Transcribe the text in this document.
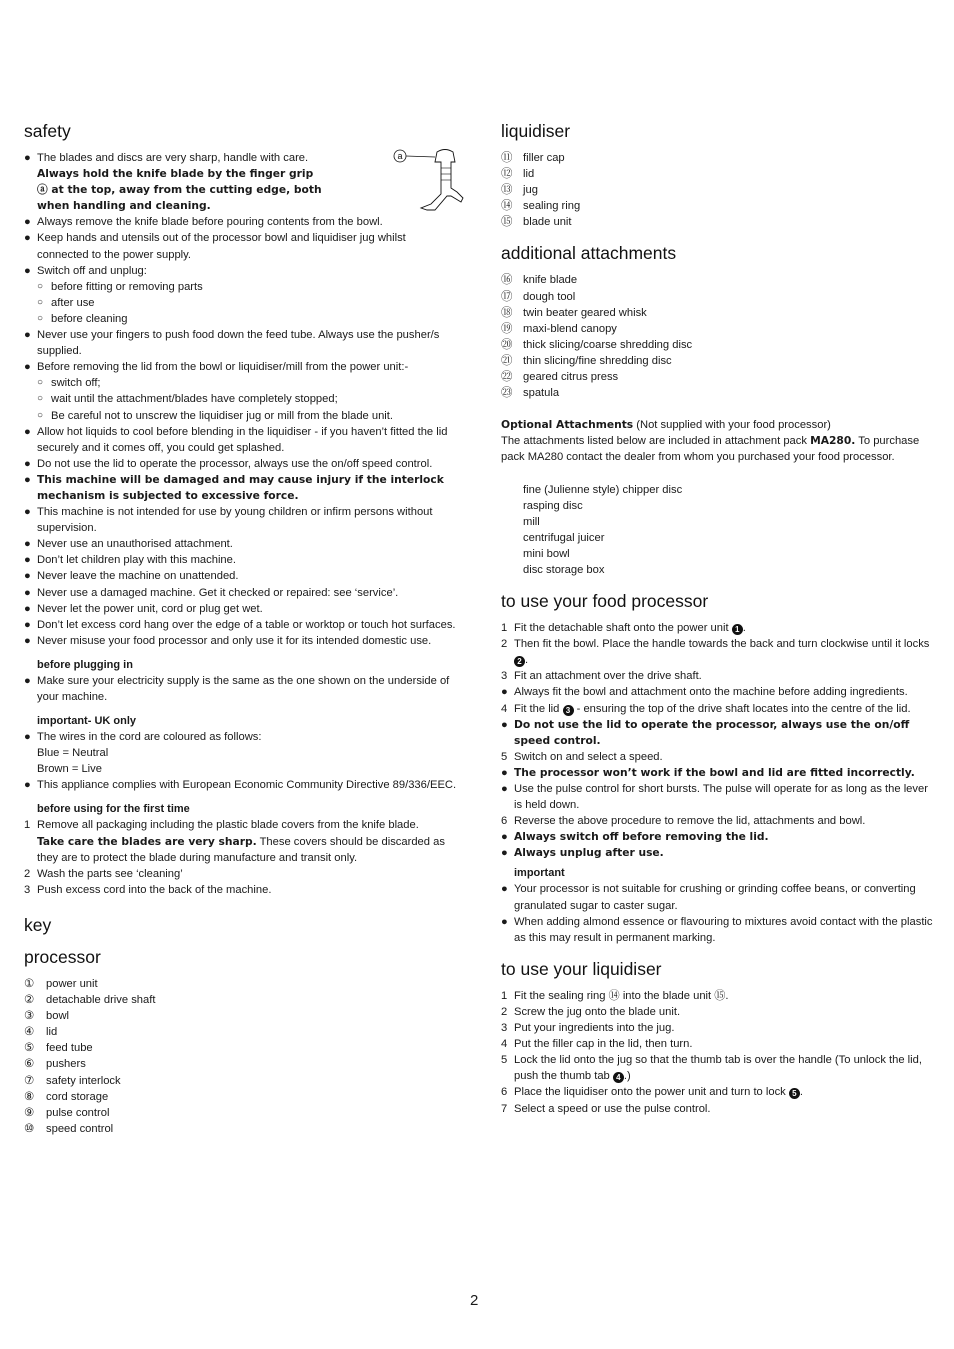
safety
● The blades and discs are very sharp, handle with care.
Always hold the knife blade by the finger grip
ⓐ at the top, away from the cutting edge, both
when handling and cleaning.
● Always remove the knife blade before pouring contents from the bowl.
● Keep hands and utensils out of the processor bowl and liquidiser jug whilst connected to the power supply.
● Switch off and unplug:
○ before fitting or removing parts
○ after use
○ before cleaning
● Never use your fingers to push food down the feed tube. Always use the pusher/s supplied.
● Before removing the lid from the bowl or liquidiser/mill from the power unit:-
○ switch off;
○ wait until the attachment/blades have completely stopped;
○ Be careful not to unscrew the liquidiser jug or mill from the blade unit.
● Allow hot liquids to cool before blending in the liquidiser - if you haven’t fitted the lid securely and it comes off, you could get splashed.
● Do not use the lid to operate the processor, always use the on/off speed control.
● This machine will be damaged and may cause injury if the interlock mechanism is subjected to excessive force.
● This machine is not intended for use by young children or infirm persons without supervision.
● Never use an unauthorised attachment.
● Don’t let children play with this machine.
● Never leave the machine on unattended.
● Never use a damaged machine. Get it checked or repaired: see ‘service’.
● Never let the power unit, cord or plug get wet.
● Don’t let excess cord hang over the edge of a table or worktop or touch hot surfaces.
● Never misuse your food processor and only use it for its intended domestic use.
before plugging in
● Make sure your electricity supply is the same as the one shown on the underside of your machine.
important- UK only
● The wires in the cord are coloured as follows:
Blue = Neutral
Brown = Live
● This appliance complies with European Economic Community Directive 89/336/EEC.
before using for the first time
1 Remove all packaging including the plastic blade covers from the knife blade.
Take care the blades are very sharp. These covers should be discarded as they are to protect the blade during manufacture and transit only.
2 Wash the parts see ‘cleaning’
3 Push excess cord into the back of the machine.
key
processor
①	power unit
②	detachable drive shaft
③	bowl
④	lid
⑤	feed tube
⑥	pushers
⑦	safety interlock
⑧	cord storage
⑨	pulse control
⑩	speed control
a
liquidiser
⑪ filler cap
⑫ lid
⑬ jug
⑭ sealing ring
⑮ blade unit
additional attachments
⑯ knife blade
⑰ dough tool
⑱ twin beater geared whisk
⑲ maxi-blend canopy
⑳ thick slicing/coarse shredding disc
㉑ thin slicing/fine shredding disc
㉒ geared citrus press
㉓ spatula
Optional Attachments (Not supplied with your food processor)
The attachments listed below are included in attachment pack MA280. To purchase pack MA280 contact the dealer from whom you purchased your food processor.
fine (Julienne style) chipper disc
rasping disc
mill
centrifugal juicer
mini bowl
disc storage box
to use your food processor
1 Fit the detachable shaft onto the power unit 1 .
2 Then fit the bowl. Place the handle towards the back and turn clockwise until it locks 2 .
3 Fit an attachment over the drive shaft.
● Always fit the bowl and attachment onto the machine before adding ingredients.
4 Fit the lid 3 - ensuring the top of the drive shaft locates into the centre of the lid.
● Do not use the lid to operate the processor, always use the on/off speed control.
5 Switch on and select a speed.
● The processor won’t work if the bowl and lid are fitted incorrectly.
● Use the pulse control for short bursts. The pulse will operate for as long as the lever is held down.
6 Reverse the above procedure to remove the lid, attachments and bowl.
● Always switch off before removing the lid.
● Always unplug after use.
important
● Your processor is not suitable for crushing or grinding coffee beans, or converting granulated sugar to caster sugar.
● When adding almond essence or flavouring to mixtures avoid contact with the plastic as this may result in permanent marking.
to use your liquidiser
1 Fit the sealing ring ⑭ into the blade unit ⑮.
2 Screw the jug onto the blade unit.
3 Put your ingredients into the jug.
4 Put the filler cap in the lid, then turn.
5 Lock the lid onto the jug so that the thumb tab is over the handle (To unlock the lid, push the thumb tab 4 .)
6 Place the liquidiser onto the power unit and turn to lock 5 .
7 Select a speed or use the pulse control.
2
